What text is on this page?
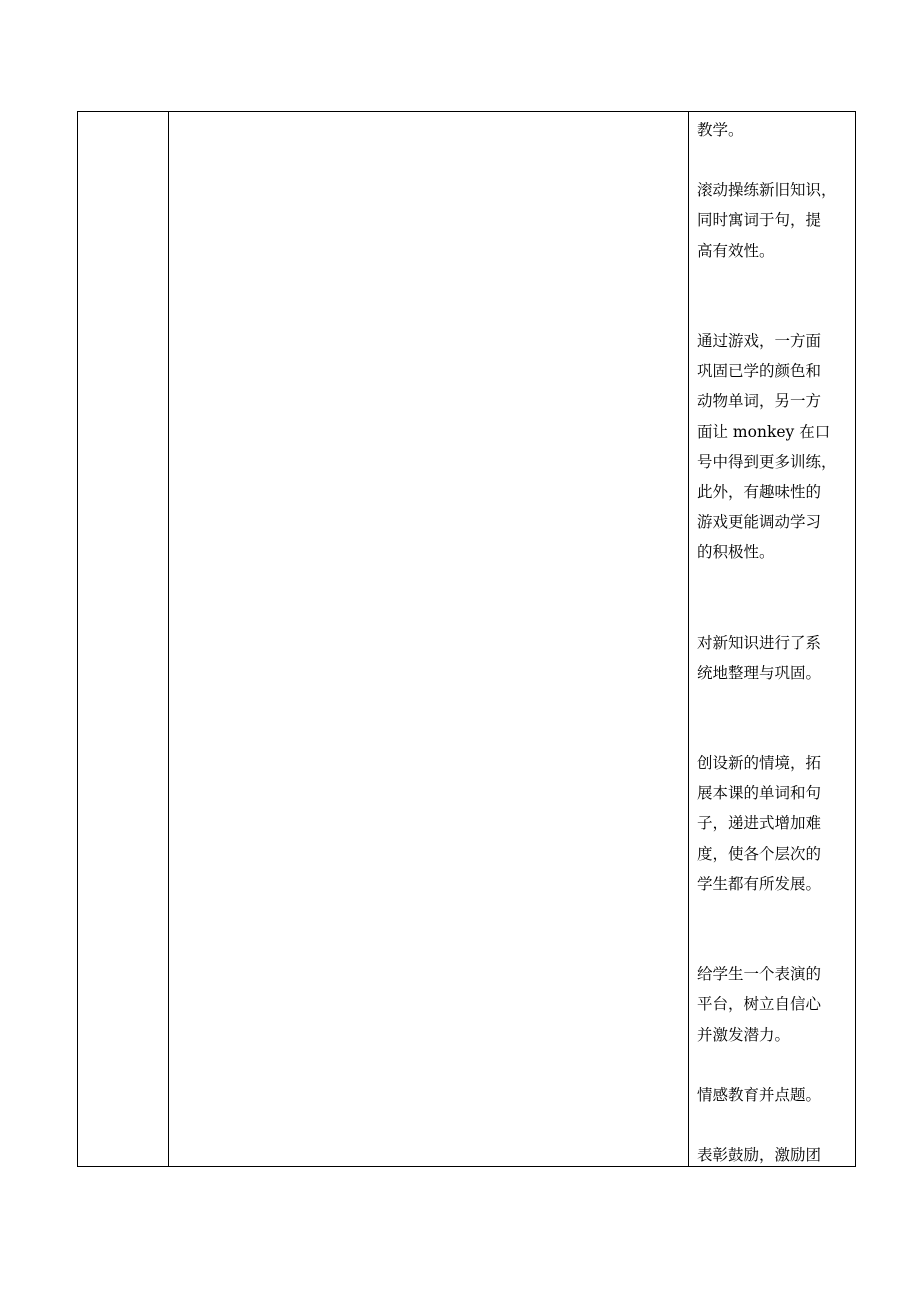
教学。
滚动操练新旧知识，
同时寓词于句，提
高有效性。
通过游戏，一方面
巩固已学的颜色和
动物单词，另一方
面让 monkey 在口
号中得到更多训练，
此外，有趣味性的
游戏更能调动学习
的积极性。
对新知识进行了系
统地整理与巩固。
创设新的情境，拓
展本课的单词和句
子，递进式增加难
度，使各个层次的
学生都有所发展。
给学生一个表演的
平台，树立自信心
并激发潜力。
情感教育并点题。
表彰鼓励，激励团
